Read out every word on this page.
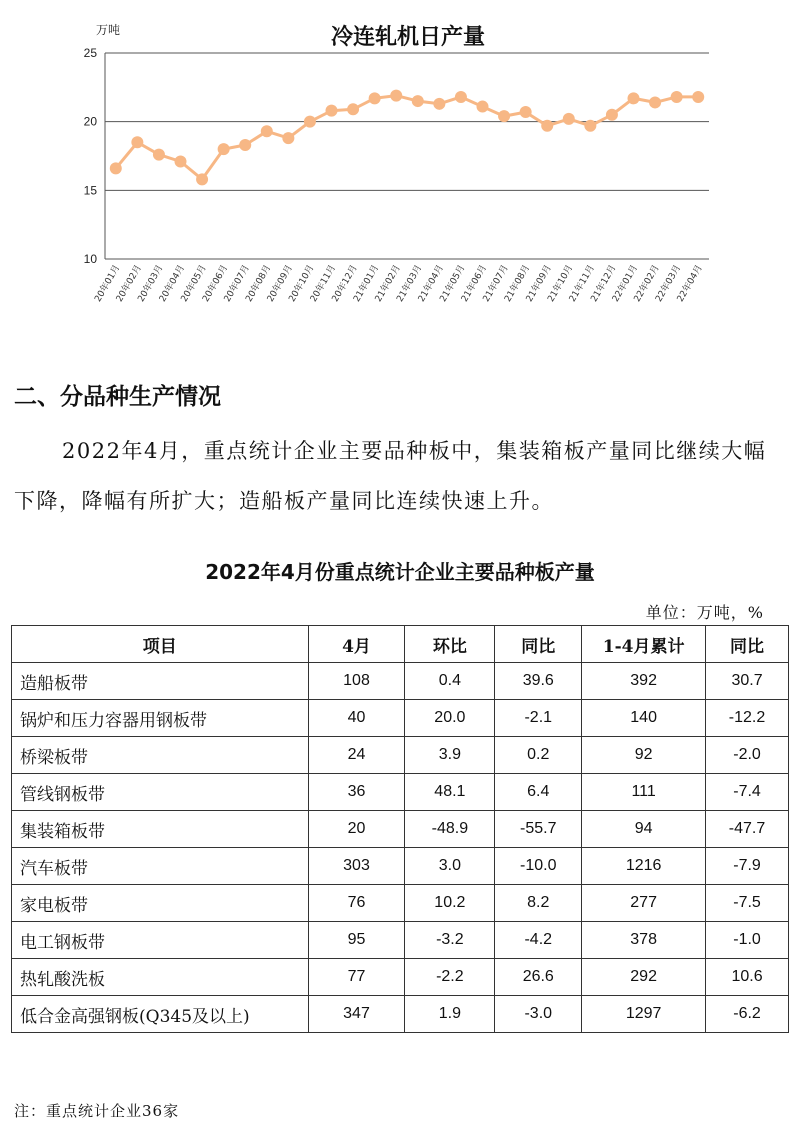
冷连轧机日产量
万吨
10
15
20
25
20年01月
20年02月
20年03月
20年04月
20年05月
20年06月
20年07月
20年08月
20年09月
20年10月
20年11月
20年12月
21年01月
21年02月
21年03月
21年04月
21年05月
21年06月
21年07月
21年08月
21年09月
21年10月
21年11月
21年12月
22年01月
22年02月
22年03月
22年04月
二、分品种生产情况

2022年4月，重点统计企业主要品种板中，集装箱板产量同比继续大幅下降，降幅有所扩大；造船板产量同比连续快速上升。

2022年4月份重点统计企业主要品种板产量
单位：万吨，%
项目	4月	环比	同比	1-4月累计	同比
造船板带	108	0.4	39.6	392	30.7
锅炉和压力容器用钢板带	40	20.0	-2.1	140	-12.2
桥梁板带	24	3.9	0.2	92	-2.0
管线钢板带	36	48.1	6.4	111	-7.4
集装箱板带	20	-48.9	-55.7	94	-47.7
汽车板带	303	3.0	-10.0	1216	-7.9
家电板带	76	10.2	8.2	277	-7.5
电工钢板带	95	-3.2	-4.2	378	-1.0
热轧酸洗板	77	-2.2	26.6	292	10.6
低合金高强钢板(Q345及以上)	347	1.9	-3.0	1297	-6.2
注：重点统计企业36家
